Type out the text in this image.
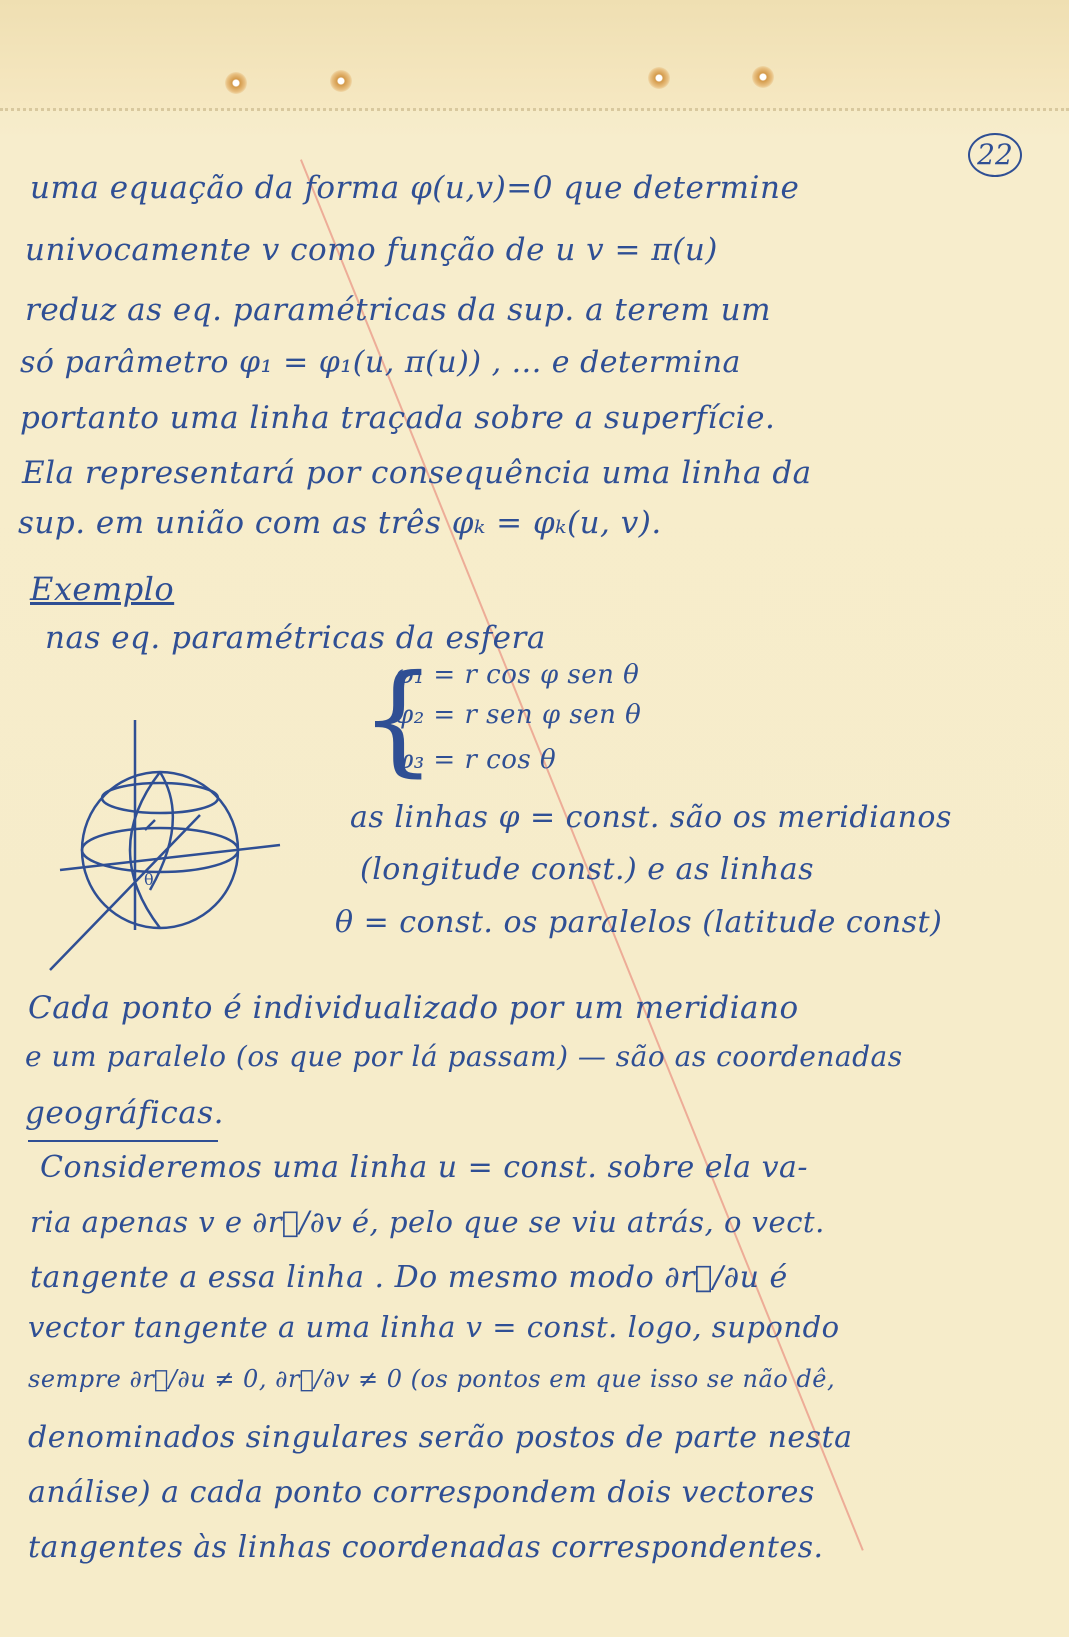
22
uma equação da forma φ(u,v)=0 que determine
univocamente v como função de u v = π(u)
reduz as eq. paramétricas da sup. a terem um
só parâmetro φ₁ = φ₁(u, π(u)) , ... e determina
portanto uma linha traçada sobre a superfície.
Ela representará por consequência uma linha da
sup. em união com as três φₖ = φₖ(u, v).
Exemplo
nas eq. paramétricas da esfera
{
φ₁ = r cos φ sen θ
φ₂ = r sen φ sen θ
φ₃ = r cos θ
θ
as linhas φ = const. são os meridianos
(longitude const.) e as linhas
θ = const. os paralelos (latitude const)
Cada ponto é individualizado por um meridiano
e um paralelo (os que por lá passam) — são as coordenadas
geográficas.
Consideremos uma linha u = const. sobre ela va-
ria apenas v e ∂r⃗/∂v é, pelo que se viu atrás, o vect.
tangente a essa linha . Do mesmo modo ∂r⃗/∂u é
vector tangente a uma linha v = const. logo, supondo
sempre ∂r⃗/∂u ≠ 0, ∂r⃗/∂v ≠ 0 (os pontos em que isso se não dê,
denominados singulares serão postos de parte nesta
análise) a cada ponto correspondem dois vectores
tangentes às linhas coordenadas correspondentes.
